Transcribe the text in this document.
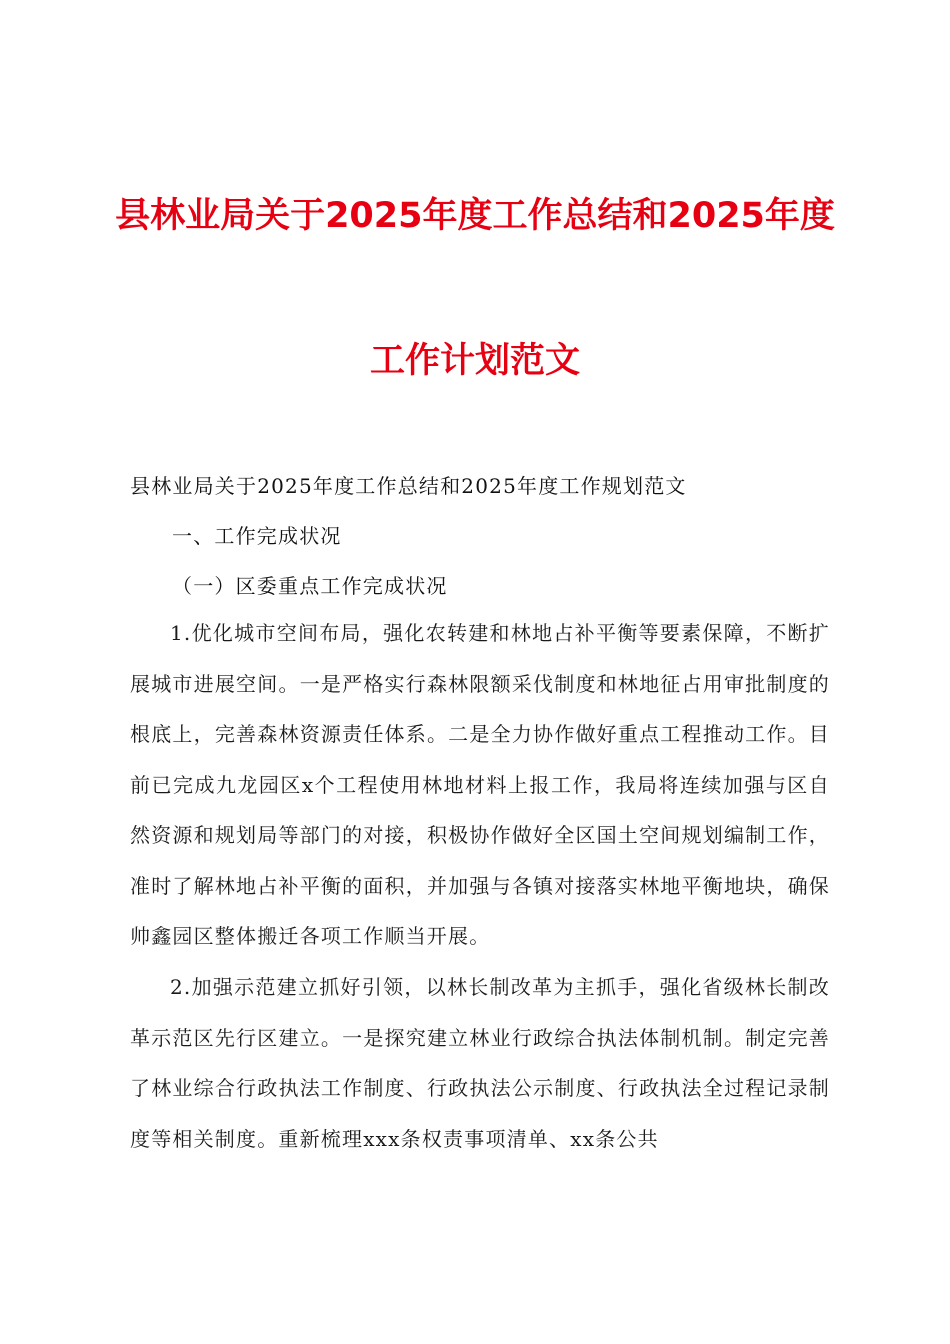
县林业局关于2025年度工作总结和2025年度
工作计划范文
县林业局关于2025年度工作总结和2025年度工作规划范文
一、工作完成状况
（一）区委重点工作完成状况
1.优化城市空间布局，强化农转建和林地占补平衡等要素保障，不断扩展城市进展空间。一是严格实行森林限额采伐制度和林地征占用审批制度的根底上，完善森林资源责任体系。二是全力协作做好重点工程推动工作。目前已完成九龙园区x个工程使用林地材料上报工作，我局将连续加强与区自然资源和规划局等部门的对接，积极协作做好全区国土空间规划编制工作，准时了解林地占补平衡的面积，并加强与各镇对接落实林地平衡地块，确保帅鑫园区整体搬迁各项工作顺当开展。
2.加强示范建立抓好引领，以林长制改革为主抓手，强化省级林长制改革示范区先行区建立。一是探究建立林业行政综合执法体制机制。制定完善了林业综合行政执法工作制度、行政执法公示制度、行政执法全过程记录制度等相关制度。重新梳理xxx条权责事项清单、xx条公共
